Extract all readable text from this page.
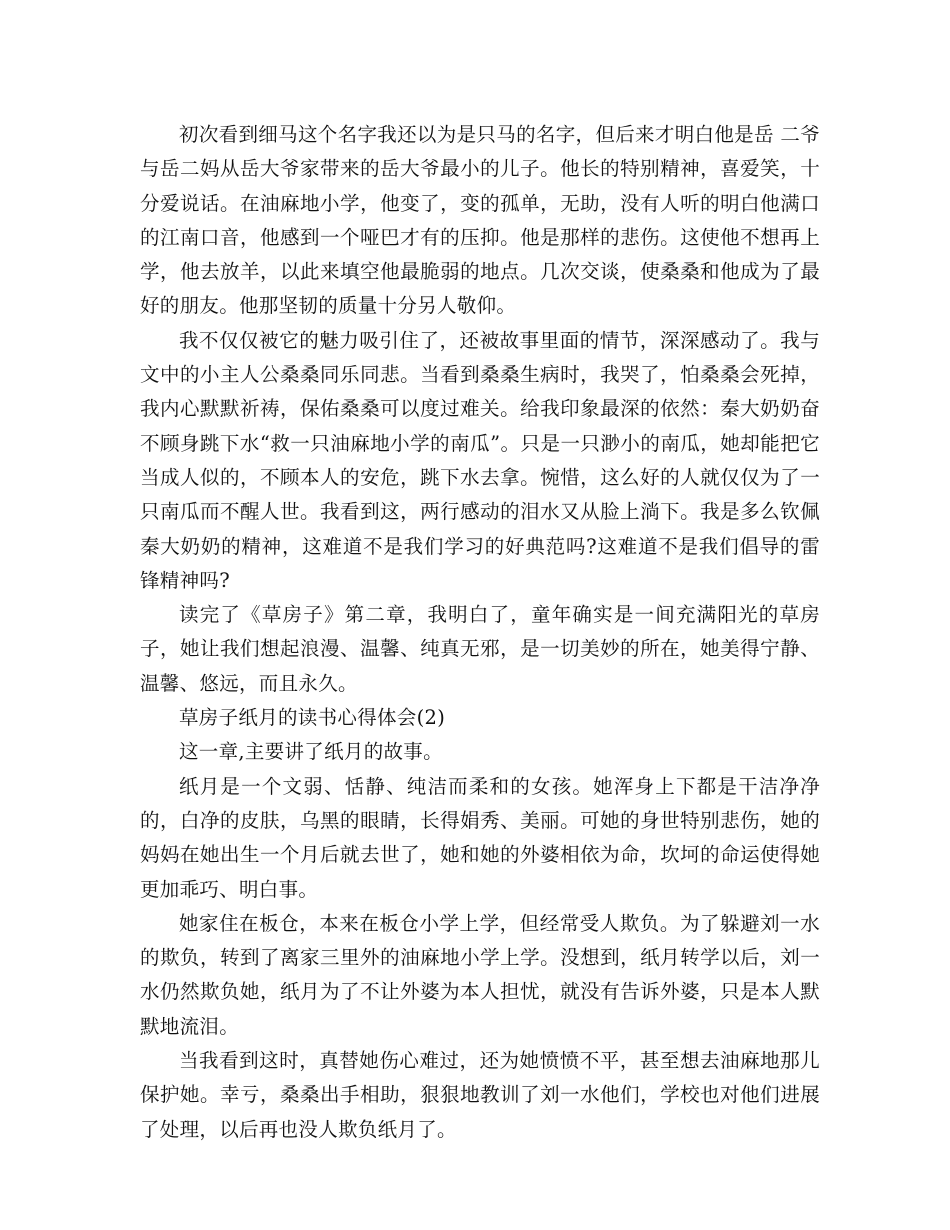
初次看到细马这个名字我还以为是只马的名字，但后来才明白他是岳 二爷与岳二妈从岳大爷家带来的岳大爷最小的儿子。他长的特别精神，喜爱笑，十分爱说话。在油麻地小学，他变了，变的孤单，无助，没有人听的明白他满口的江南口音，他感到一个哑巴才有的压抑。他是那样的悲伤。这使他不想再上学，他去放羊，以此来填空他最脆弱的地点。几次交谈，使桑桑和他成为了最好的朋友。他那坚韧的质量十分另人敬仰。

我不仅仅被它的魅力吸引住了，还被故事里面的情节，深深感动了。我与文中的小主人公桑桑同乐同悲。当看到桑桑生病时，我哭了，怕桑桑会死掉，我内心默默祈祷，保佑桑桑可以度过难关。给我印象最深的依然：秦大奶奶奋不顾身跳下水“救一只油麻地小学的南瓜”。只是一只渺小的南瓜，她却能把它当成人似的，不顾本人的安危，跳下水去拿。惋惜，这么好的人就仅仅为了一只南瓜而不醒人世。我看到这，两行感动的泪水又从脸上淌下。我是多么钦佩秦大奶奶的精神，这难道不是我们学习的好典范吗?这难道不是我们倡导的雷锋精神吗?

读完了《草房子》第二章，我明白了，童年确实是一间充满阳光的草房子，她让我们想起浪漫、温馨、纯真无邪，是一切美妙的所在，她美得宁静、温馨、悠远，而且永久。

草房子纸月的读书心得体会(2)

这一章,主要讲了纸月的故事。

纸月是一个文弱、恬静、纯洁而柔和的女孩。她浑身上下都是干洁净净的，白净的皮肤，乌黑的眼睛，长得娟秀、美丽。可她的身世特别悲伤，她的妈妈在她出生一个月后就去世了，她和她的外婆相依为命，坎坷的命运使得她更加乖巧、明白事。

她家住在板仓，本来在板仓小学上学，但经常受人欺负。为了躲避刘一水的欺负，转到了离家三里外的油麻地小学上学。没想到，纸月转学以后，刘一水仍然欺负她，纸月为了不让外婆为本人担忧，就没有告诉外婆，只是本人默默地流泪。

当我看到这时，真替她伤心难过，还为她愤愤不平，甚至想去油麻地那儿保护她。幸亏，桑桑出手相助，狠狠地教训了刘一水他们，学校也对他们进展了处理，以后再也没人欺负纸月了。
